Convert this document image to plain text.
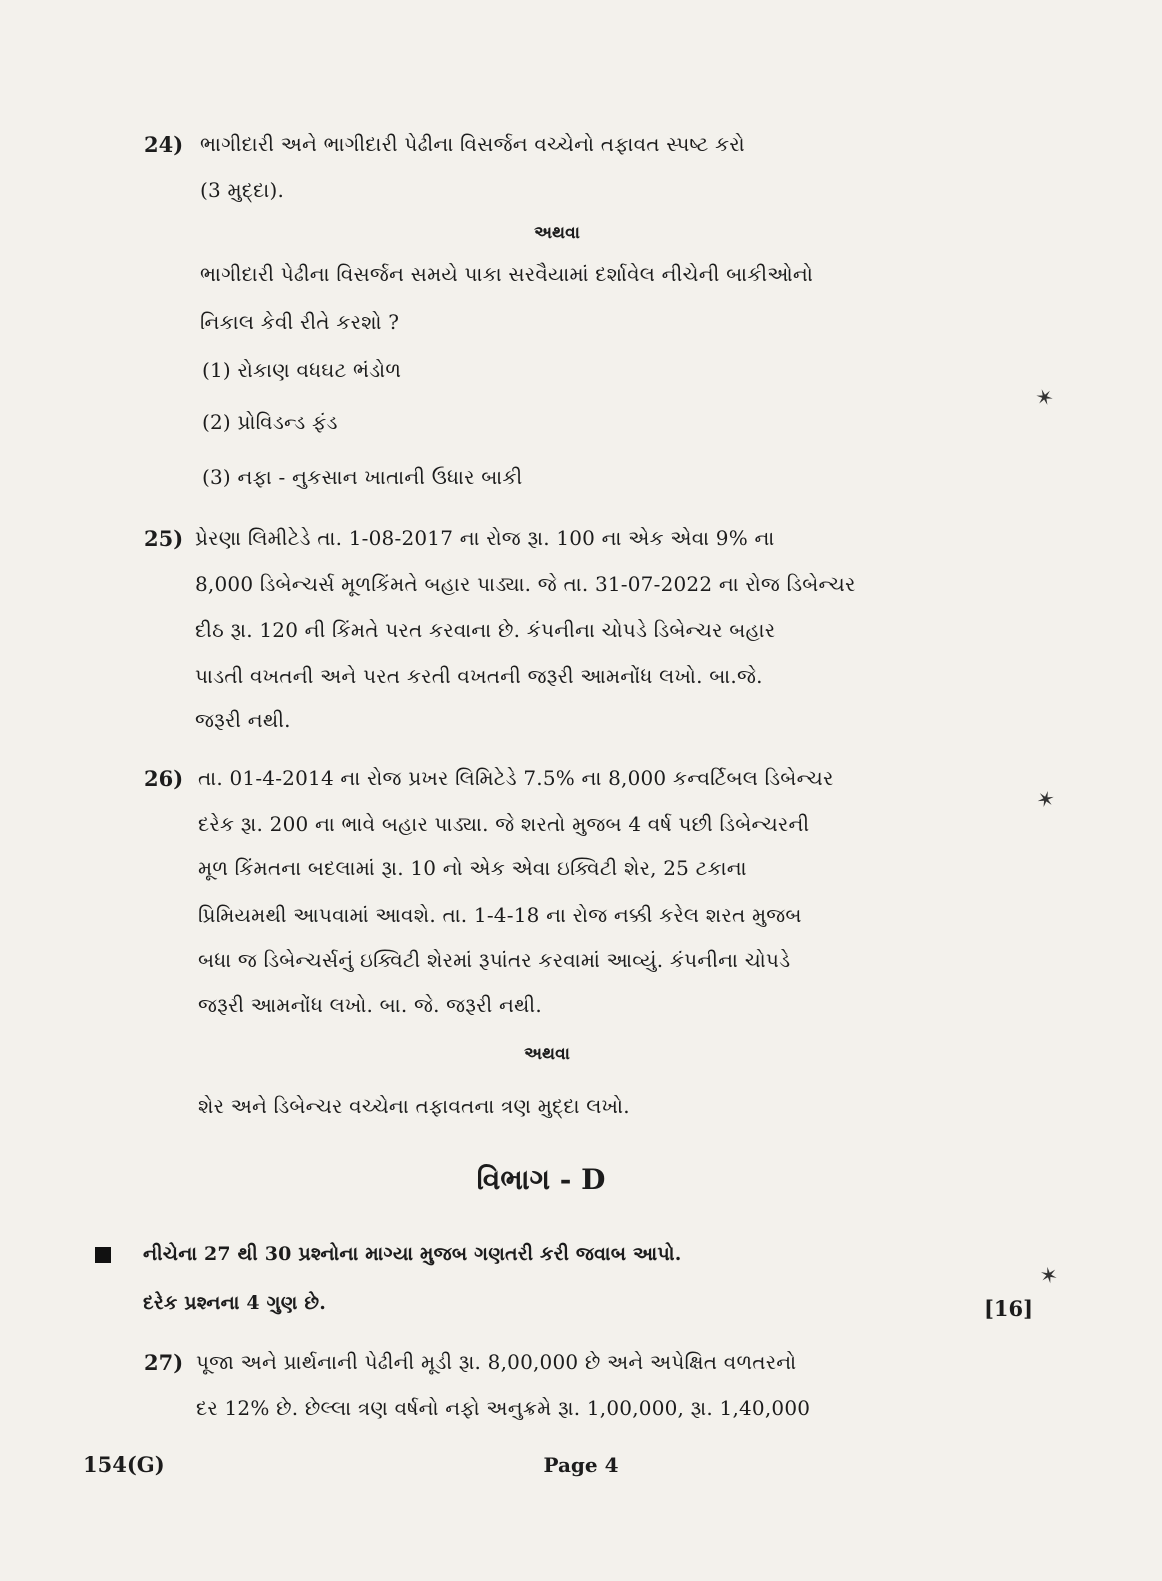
24) ભાગીદારી અને ભાગીદારી પેઢીના વિસર્જન વચ્ચેનો તફાવત સ્પષ્ટ કરો
(3 મુદ્દા).
અથવા
ભાગીદારી પેઢીના વિસર્જન સમયે પાકા સરવૈયામાં દર્શાવેલ નીચેની બાકીઓનો
નિકાલ કેવી રીતે કરશો ?
(1) રોકાણ વધઘટ ભંડોળ
(2) પ્રોવિડન્ડ ફંડ
(3) નફા - નુકસાન ખાતાની ઉધાર બાકી
25) પ્રેરણા લિમીટેડે તા. 1-08-2017 ના રોજ રૂા. 100 ના એક એવા 9% ના
8,000 ડિબેન્ચર્સ મૂળકિંમતે બહાર પાડ્યા. જે તા. 31-07-2022 ના રોજ ડિબેન્ચર
દીઠ રૂા. 120 ની કિંમતે પરત કરવાના છે. કંપનીના ચોપડે ડિબેન્ચર બહાર
પાડતી વખતની અને પરત કરતી વખતની જરૂરી આમનોંધ લખો. બા.જે.
જરૂરી નથી.
26) તા. 01-4-2014 ના રોજ પ્રખર લિમિટેડે 7.5% ના 8,000 કન્વર્ટિબલ ડિબેન્ચર
દરેક રૂા. 200 ના ભાવે બહાર પાડ્યા. જે શરતો મુજબ 4 વર્ષ પછી ડિબેન્ચરની
મૂળ કિંમતના બદલામાં રૂા. 10 નો એક એવા ઇક્વિટી શેર, 25 ટકાના
પ્રિમિયમથી આપવામાં આવશે. તા. 1-4-18 ના રોજ નક્કી કરેલ શરત મુજબ
બધા જ ડિબેન્ચર્સનું ઇક્વિટી શેરમાં રૂપાંતર કરવામાં આવ્યું. કંપનીના ચોપડે
જરૂરી આમનોંધ લખો. બા. જે. જરૂરી નથી.
અથવા
શેર અને ડિબેન્ચર વચ્ચેના તફાવતના ત્રણ મુદ્દા લખો.
વિભાગ - D
નીચેના 27 થી 30 પ્રશ્નોના માગ્યા મુજબ ગણતરી કરી જવાબ આપો.
દરેક પ્રશ્નના 4 ગુણ છે.	[16]
27) પૂજા અને પ્રાર્થનાની પેઢીની મૂડી રૂા. 8,00,000 છે અને અપેક્ષિત વળતરનો
દર 12% છે. છેલ્લા ત્રણ વર્ષનો નફો અનુક્રમે રૂા. 1,00,000, રૂા. 1,40,000
154(G)	Page 4
✶
✶
✶
